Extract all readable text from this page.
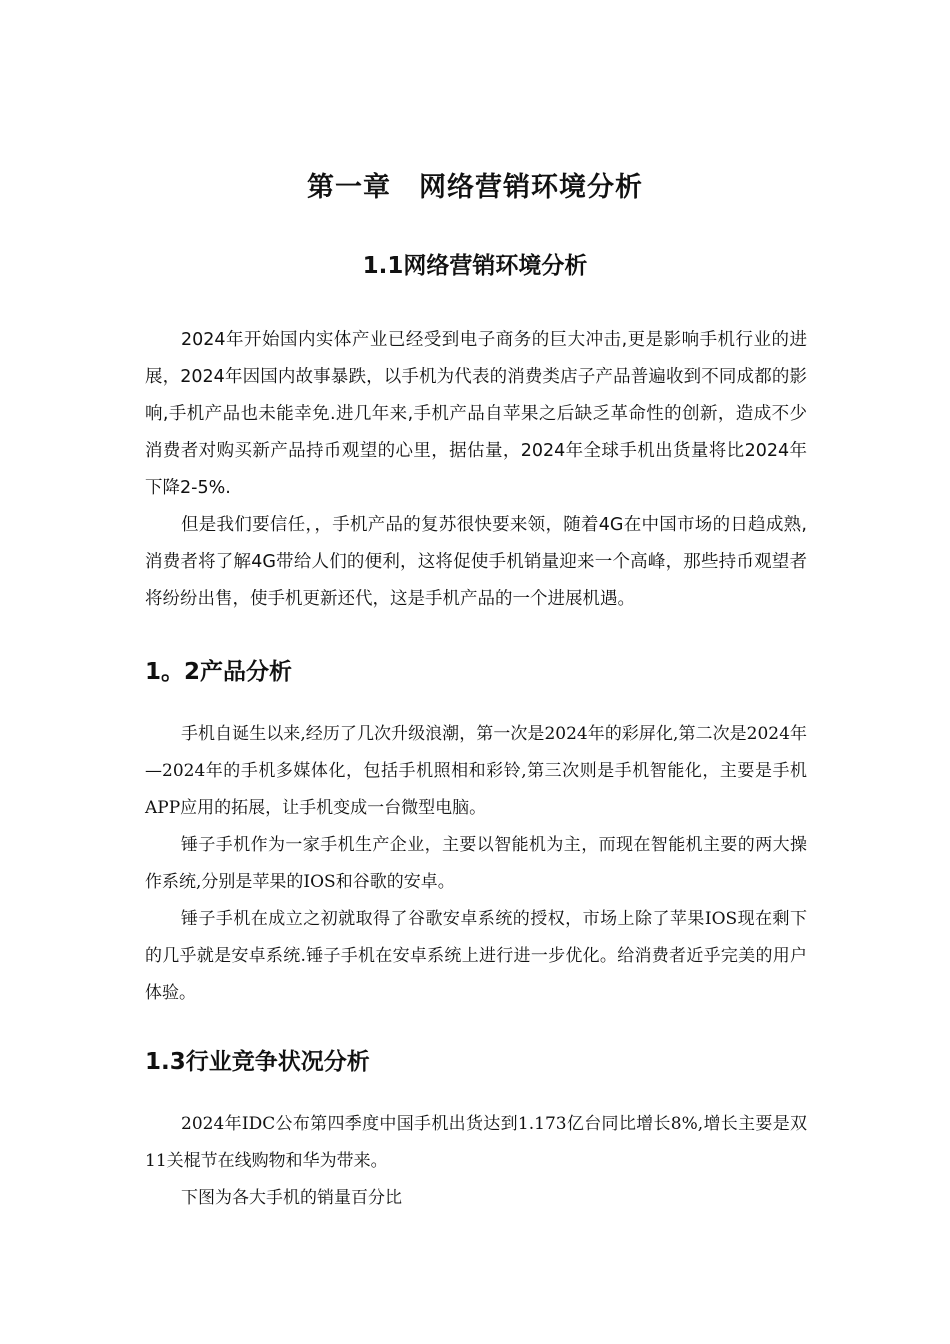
第一章　网络营销环境分析
1.1网络营销环境分析

2024年开始国内实体产业已经受到电子商务的巨大冲击,更是影响手机行业的进展，2024年因国内故事暴跌，以手机为代表的消费类店子产品普遍收到不同成都的影响,手机产品也未能幸免.进几年来,手机产品自苹果之后缺乏革命性的创新，造成不少消费者对购买新产品持币观望的心里，据估量，2024年全球手机出货量将比2024年下降2-5%.

但是我们要信任，，手机产品的复苏很快要来领，随着4G在中国市场的日趋成熟,消费者将了解4G带给人们的便利，这将促使手机销量迎来一个高峰，那些持币观望者将纷纷出售，使手机更新还代，这是手机产品的一个进展机遇。

1。2产品分析

手机自诞生以来,经历了几次升级浪潮，第一次是2024年的彩屏化,第二次是2024年—2024年的手机多媒体化，包括手机照相和彩铃,第三次则是手机智能化，主要是手机APP应用的拓展，让手机变成一台微型电脑。

锤子手机作为一家手机生产企业，主要以智能机为主，而现在智能机主要的两大操作系统,分别是苹果的IOS和谷歌的安卓。

锤子手机在成立之初就取得了谷歌安卓系统的授权，市场上除了苹果IOS现在剩下的几乎就是安卓系统.锤子手机在安卓系统上进行进一步优化。给消费者近乎完美的用户体验。

1.3行业竞争状况分析

2024年IDC公布第四季度中国手机出货达到1.173亿台同比增长8%,增长主要是双11关棍节在线购物和华为带来。

下图为各大手机的销量百分比
